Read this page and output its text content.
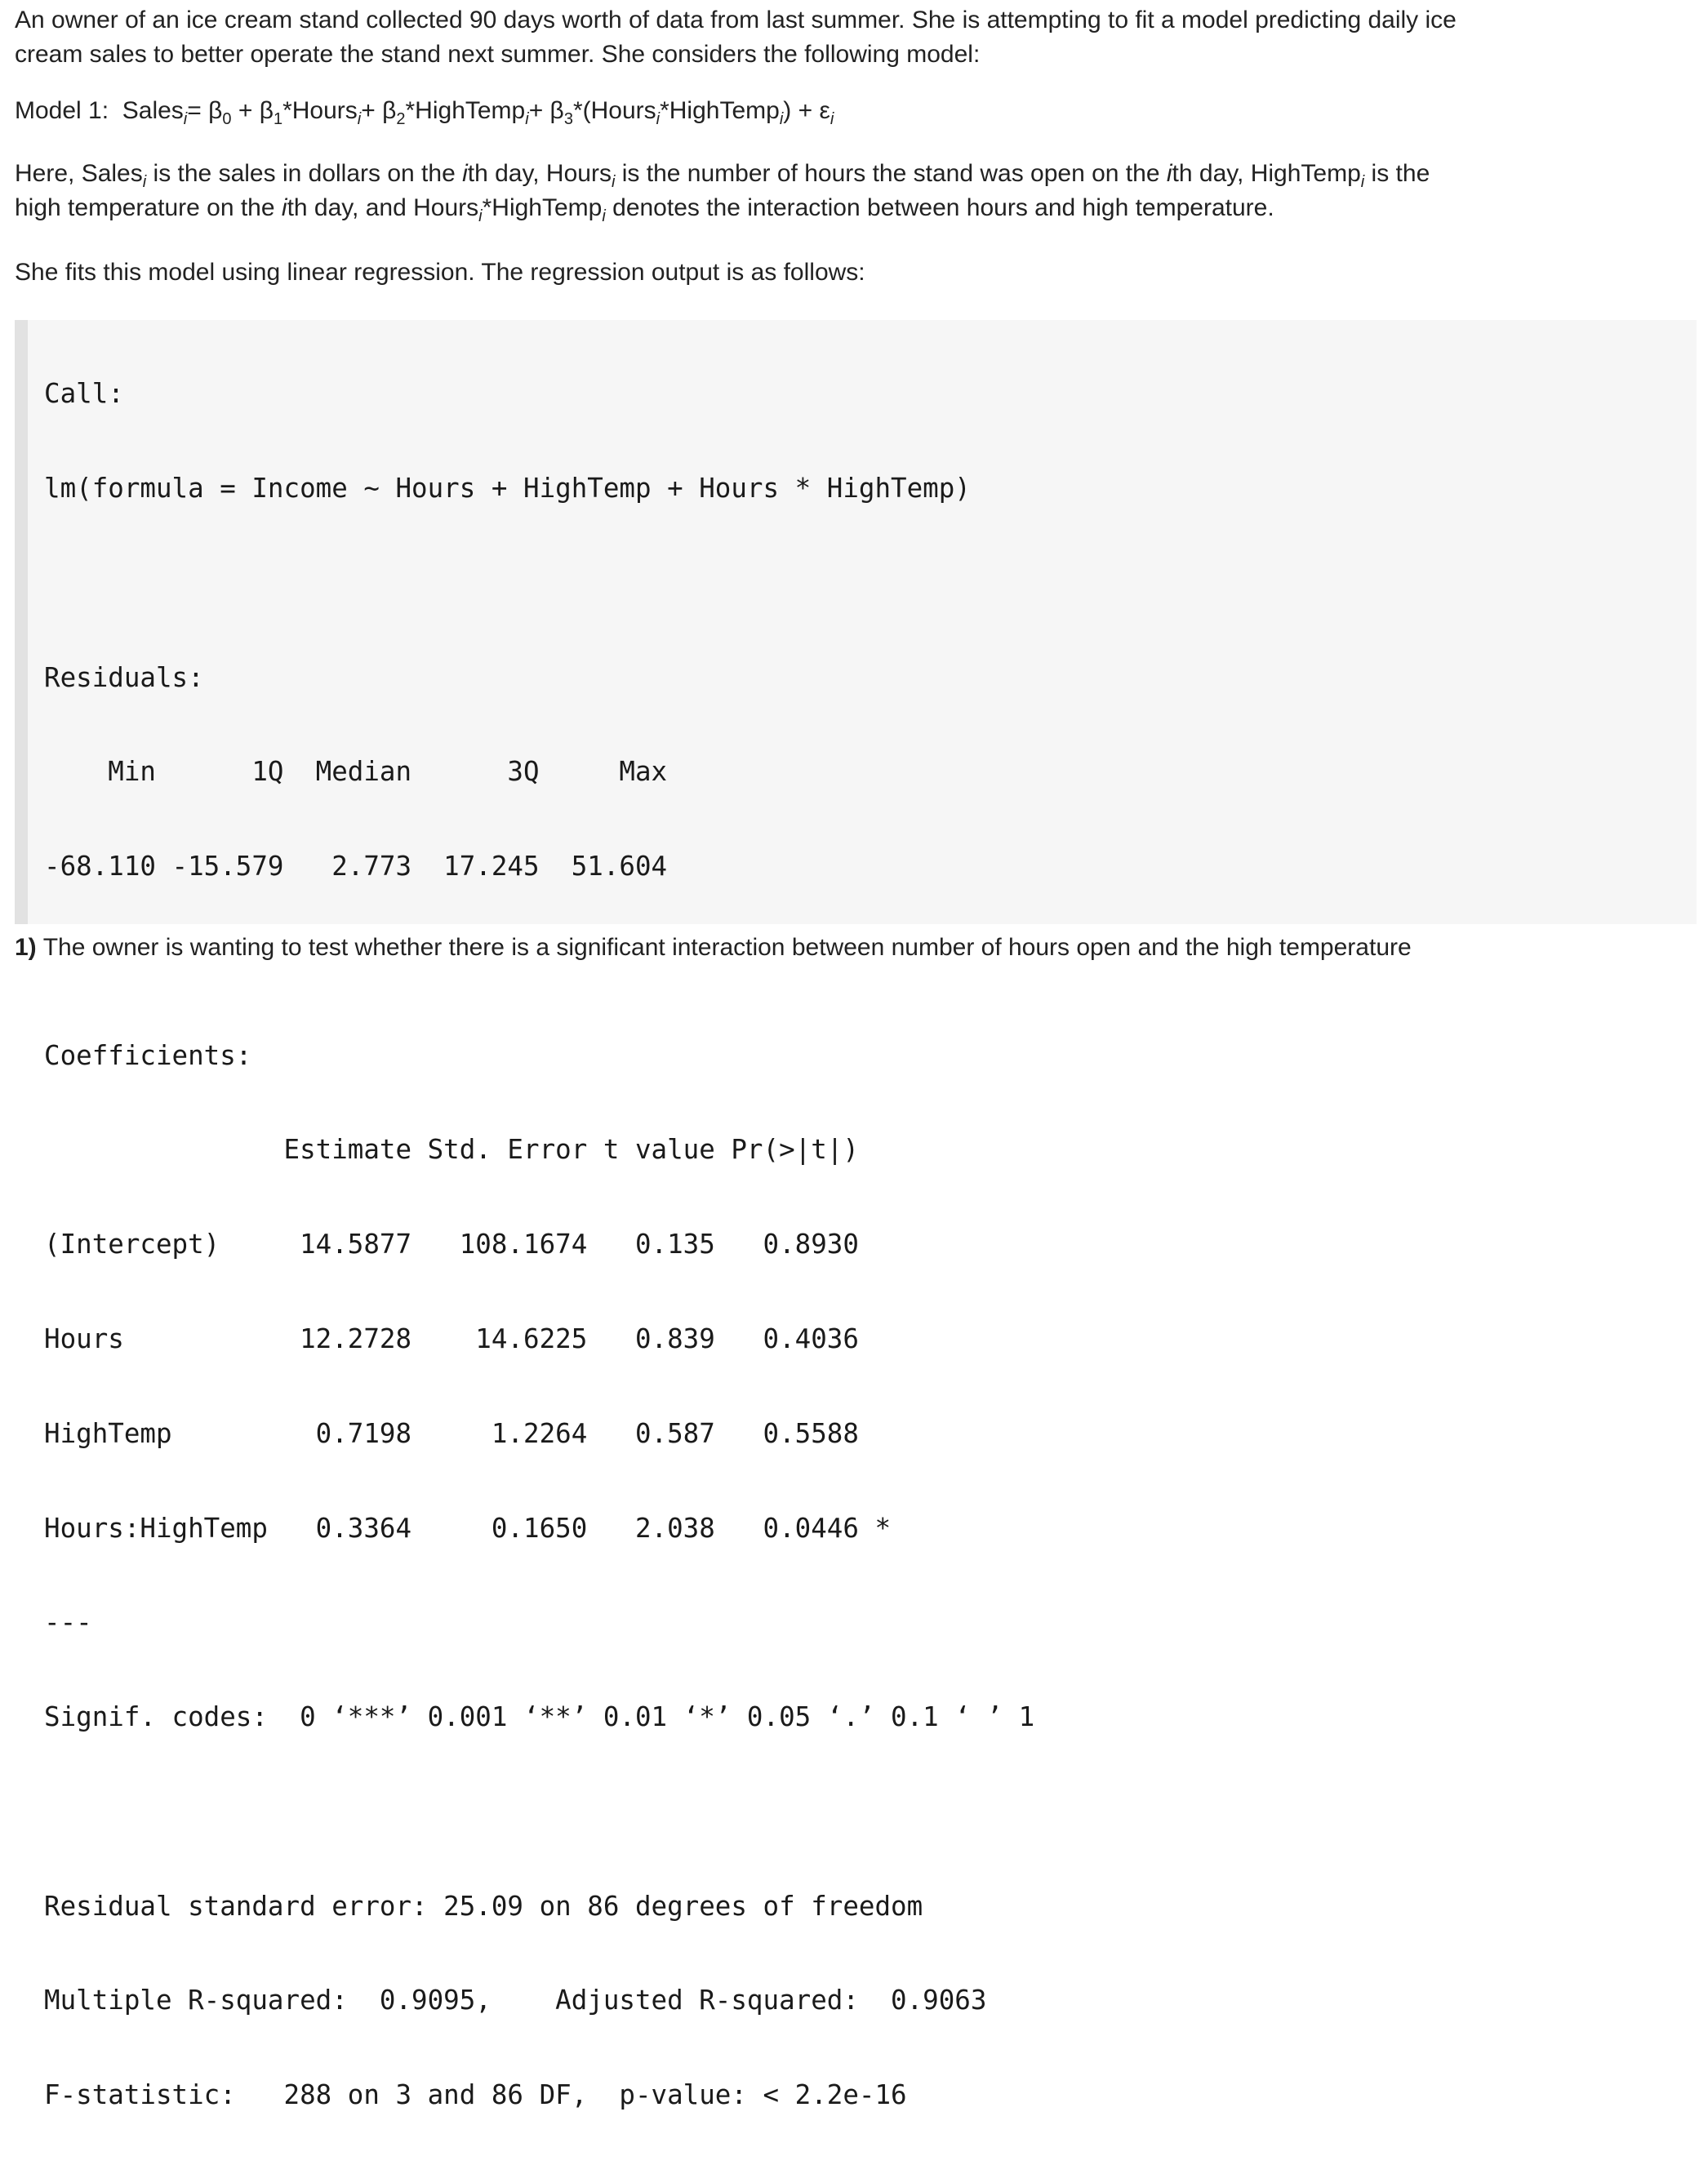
An owner of an ice cream stand collected 90 days worth of data from last summer. She is attempting to fit a model predicting daily ice
cream sales to better operate the stand next summer. She considers the following model:

Model 1: Sales$_i$= $\beta_0$ + $\beta_1*Hours_i+$ $\beta_2*HighTemp_i+$ $\beta_3*(Hours_i*HighTemp_i) + \varepsilon_i$

Here, Sales$_i$ is the sales in dollars on the ith day, Hours$_i$ is the number of hours the stand was open on the ith day, HighTemp$_i$ is the
high temperature on the ith day, and Hours$_i$*HighTemp$_i$ denotes the interaction between hours and high temperature.

She fits this model using linear regression. The regression output is as follows:

Call:

lm(formula = Income ~ Hours + HighTemp + Hours * HighTemp)

Residuals:

Min      1Q  Median      3Q     Max

-68.110 -15.579   2.773  17.245  51.604

Coefficients:

Estimate Std. Error t value Pr(>|t|)

(Intercept)     14.5877   108.1674   0.135   0.8930

Hours           12.2728    14.6225   0.839   0.4036

HighTemp         0.7198     1.2264   0.587   0.5588

Hours:HighTemp   0.3364     0.1650   2.038   0.0446 *

---

Signif. codes:  0 ‘***’ 0.001 ‘**’ 0.01 ‘*’ 0.05 ‘.’ 0.1 ‘ ’ 1

Residual standard error: 25.09 on 86 degrees of freedom

Multiple R-squared:  0.9095,    Adjusted R-squared:  0.9063

F-statistic:   288 on 3 and 86 DF,  p-value: < 2.2e-16

1) The owner is wanting to test whether there is a significant interaction between number of hours open and the high temperature
